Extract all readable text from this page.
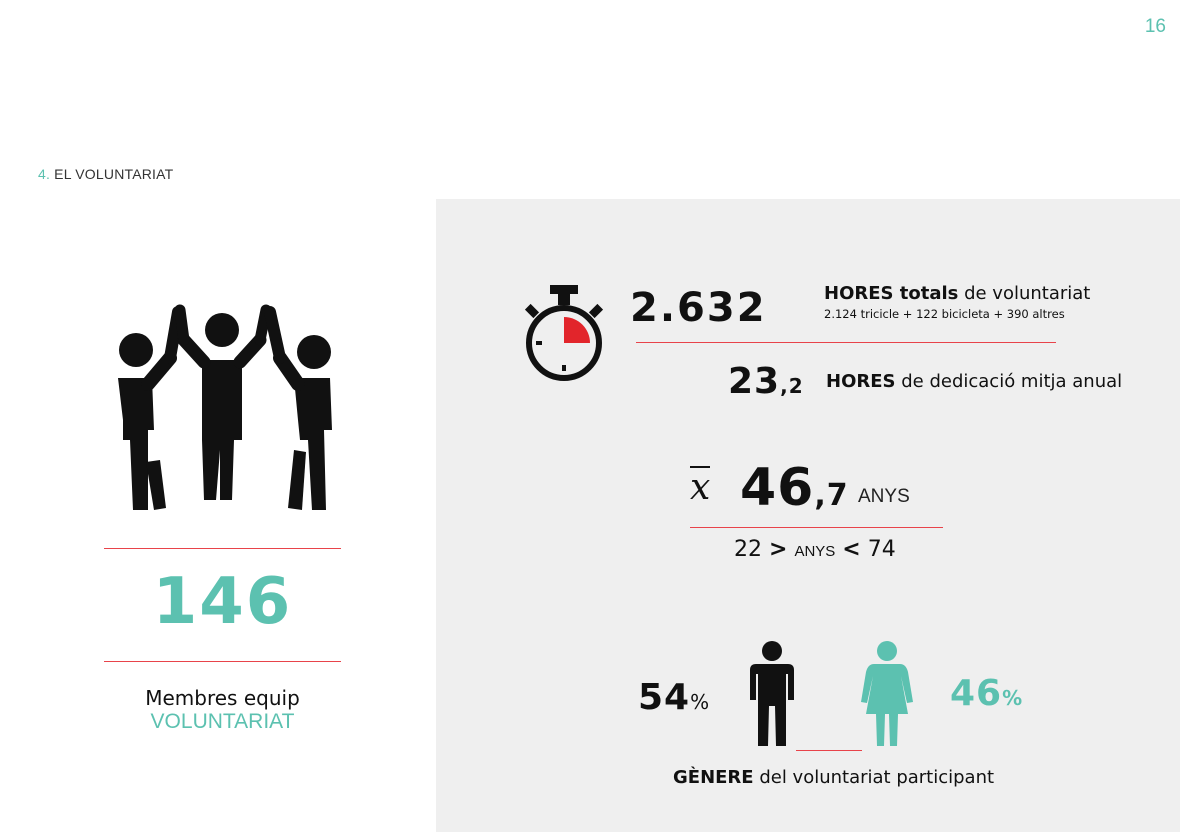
16
4. EL VOLUNTARIAT
146
Membres equip
VOLUNTARIAT
2.632	HORES totals de voluntariat
2.124 tricicle + 122 bicicleta + 390 altres
23,2 HORES de dedicació mitja anual
x 46,7 ANYS
22 > ANYS < 74
54%	46%
GÈNERE del voluntariat participant
